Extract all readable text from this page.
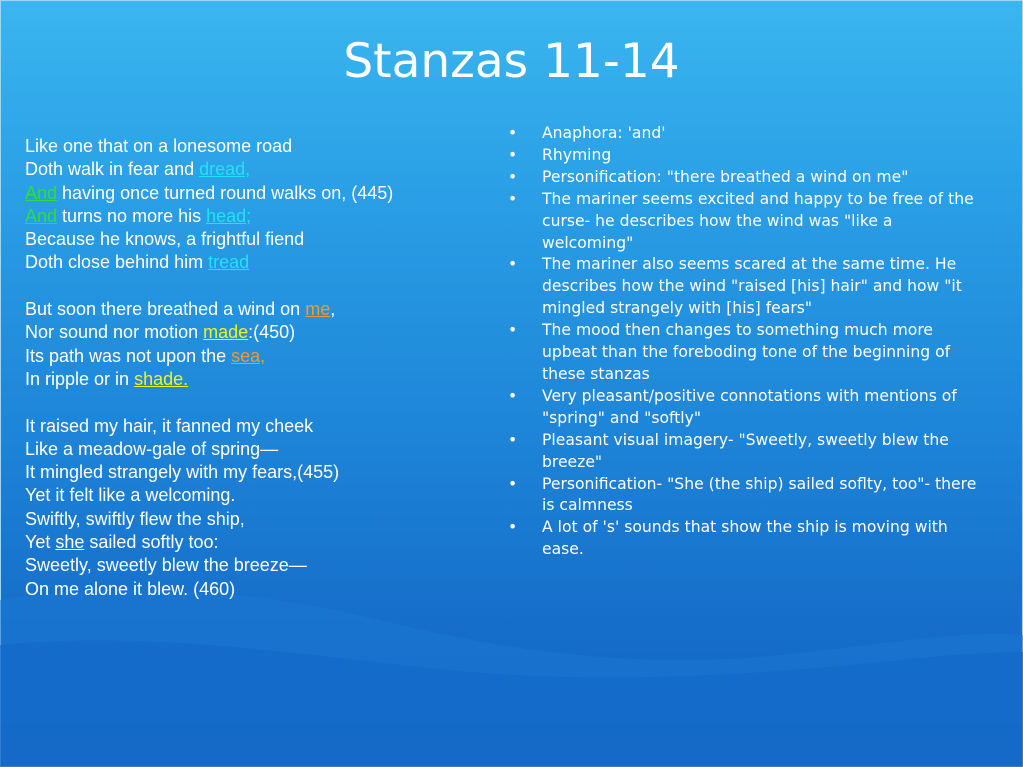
Stanzas 11-14
Like one that on a lonesome road
Doth walk in fear and dread,
And having once turned round walks on, (445)
And turns no more his head;
Because he knows, a frightful fiend
Doth close behind him tread
But soon there breathed a wind on me,
Nor sound nor motion made:(450)
Its path was not upon the sea,
In ripple or in shade.
It raised my hair, it fanned my cheek
Like a meadow-gale of spring—
It mingled strangely with my fears,(455)
Yet it felt like a welcoming.
Swiftly, swiftly flew the ship,
Yet she sailed softly too:
Sweetly, sweetly blew the breeze—
On me alone it blew. (460)
• Anaphora: 'and'
• Rhyming
• Personification: "there breathed a wind on me"
• The mariner seems excited and happy to be free of the curse- he describes how the wind was "like a welcoming"
• The mariner also seems scared at the same time. He describes how the wind "raised [his] hair" and how "it mingled strangely with [his] fears"
• The mood then changes to something much more upbeat than the foreboding tone of the beginning of these stanzas
• Very pleasant/positive connotations with mentions of "spring" and "softly"
• Pleasant visual imagery- "Sweetly, sweetly blew the breeze"
• Personification- "She (the ship) sailed soflty, too"- there is calmness
• A lot of 's' sounds that show the ship is moving with ease.
